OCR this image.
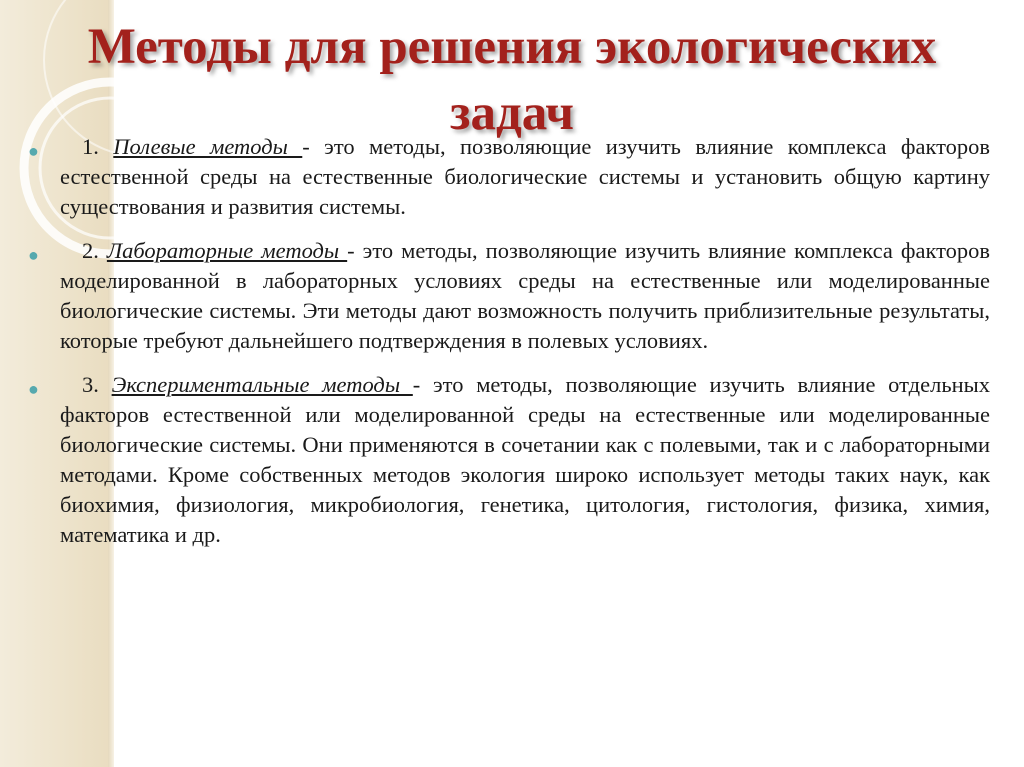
Методы для решения экологических задач

● 1. Полевые методы - это методы, позволяющие изучить влияние комплекса факторов естественной среды на естественные биологические системы и установить общую картину существования и развития системы.

● 2. Лабораторные методы - это методы, позволяющие изучить влияние комплекса факторов моделированной в лабораторных условиях среды на естественные или моделированные биологические системы. Эти методы дают возможность получить приблизительные результаты, которые требуют дальнейшего подтверждения в полевых условиях.

● 3. Экспериментальные методы - это методы, позволяющие изучить влияние отдельных факторов естественной или моделированной среды на естественные или моделированные биологические системы. Они применяются в сочетании как с полевыми, так и с лабораторными методами. Кроме собственных методов экология широко использует методы таких наук, как биохимия, физиология, микробиология, генетика, цитология, гистология, физика, химия, математика и др.
